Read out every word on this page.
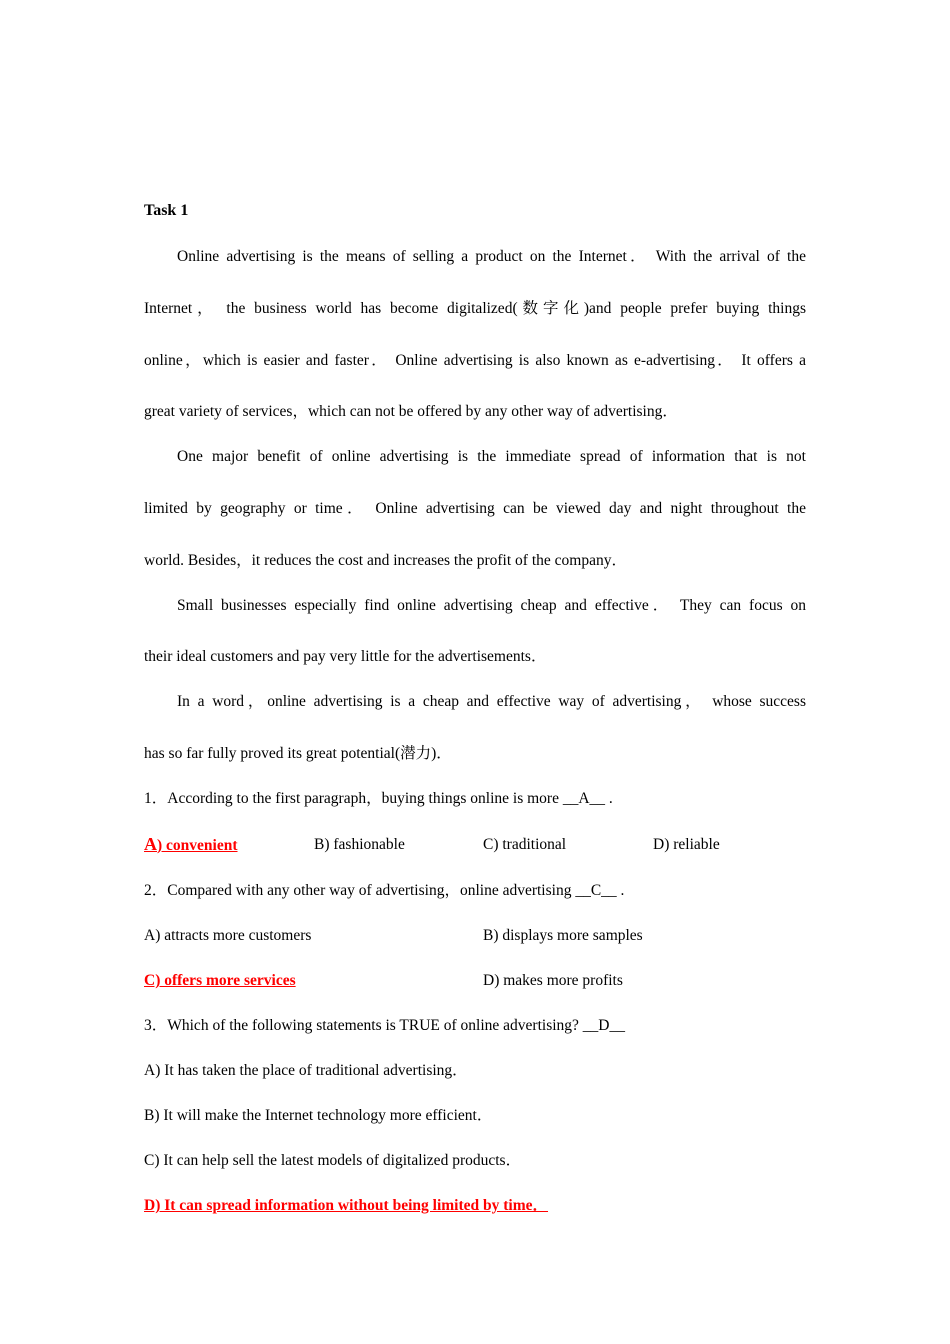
Task 1
Online advertising is the means of selling a product on the Internet． With the arrival of the
Internet， the business world has become digitalized(数字化)and people prefer buying things
online，which is easier and faster． Online advertising is also known as e-advertising． It offers a
great variety of services，which can not be offered by any other way of advertising．
One major benefit of online advertising is the immediate spread of information that is not
limited by geography or time． Online advertising can be viewed day and night throughout the
world. Besides，it reduces the cost and increases the profit of the company．
Small businesses especially find online advertising cheap and effective． They can focus on
their ideal customers and pay very little for the advertisements．
In a word，online advertising is a cheap and effective way of advertising， whose success
has so far fully proved its great potential(潜力)．
1．According to the first paragraph，buying things online is more __A__ .
A) convenient	B) fashionable	C) traditional	D) reliable
2．Compared with any other way of advertising，online advertising __C__ .
A) attracts more customers	B) displays more samples
C) offers more services	D) makes more profits
3．Which of the following statements is TRUE of online advertising? __D__
A) It has taken the place of traditional advertising．
B) It will make the Internet technology more efficient．
C) It can help sell the latest models of digitalized products．
D) It can spread information without being limited by time．
